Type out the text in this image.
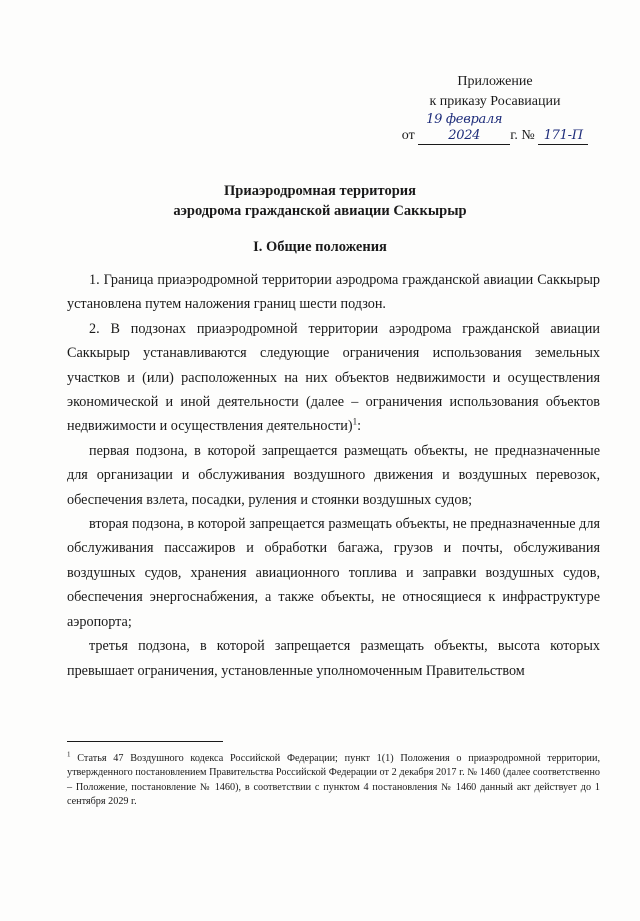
Приложение
к приказу Росавиации
от 19 февраля 2024 г. № 171-П
Приаэродромная территория
аэродрома гражданской авиации Саккырыр
I. Общие положения

1. Граница приаэродромной территории аэродрома гражданской авиации Саккырыр установлена путем наложения границ шести подзон.

2. В подзонах приаэродромной территории аэродрома гражданской авиации Саккырыр устанавливаются следующие ограничения использования земельных участков и (или) расположенных на них объектов недвижимости и осуществления экономической и иной деятельности (далее – ограничения использования объектов недвижимости и осуществления деятельности)$^1$:

первая подзона, в которой запрещается размещать объекты, не предназначенные для организации и обслуживания воздушного движения и воздушных перевозок, обеспечения взлета, посадки, руления и стоянки воздушных судов;

вторая подзона, в которой запрещается размещать объекты, не предназначенные для обслуживания пассажиров и обработки багажа, грузов и почты, обслуживания воздушных судов, хранения авиационного топлива и заправки воздушных судов, обеспечения энергоснабжения, а также объекты, не относящиеся к инфраструктуре аэропорта;

третья подзона, в которой запрещается размещать объекты, высота которых превышает ограничения, установленные уполномоченным Правительством

$^1$ Статья 47 Воздушного кодекса Российской Федерации; пункт 1(1) Положения о приаэродромной территории, утвержденного постановлением Правительства Российской Федерации от 2 декабря 2017 г. № 1460 (далее соответственно – Положение, постановление № 1460), в соответствии с пунктом 4 постановления № 1460 данный акт действует до 1 сентября 2029 г.
